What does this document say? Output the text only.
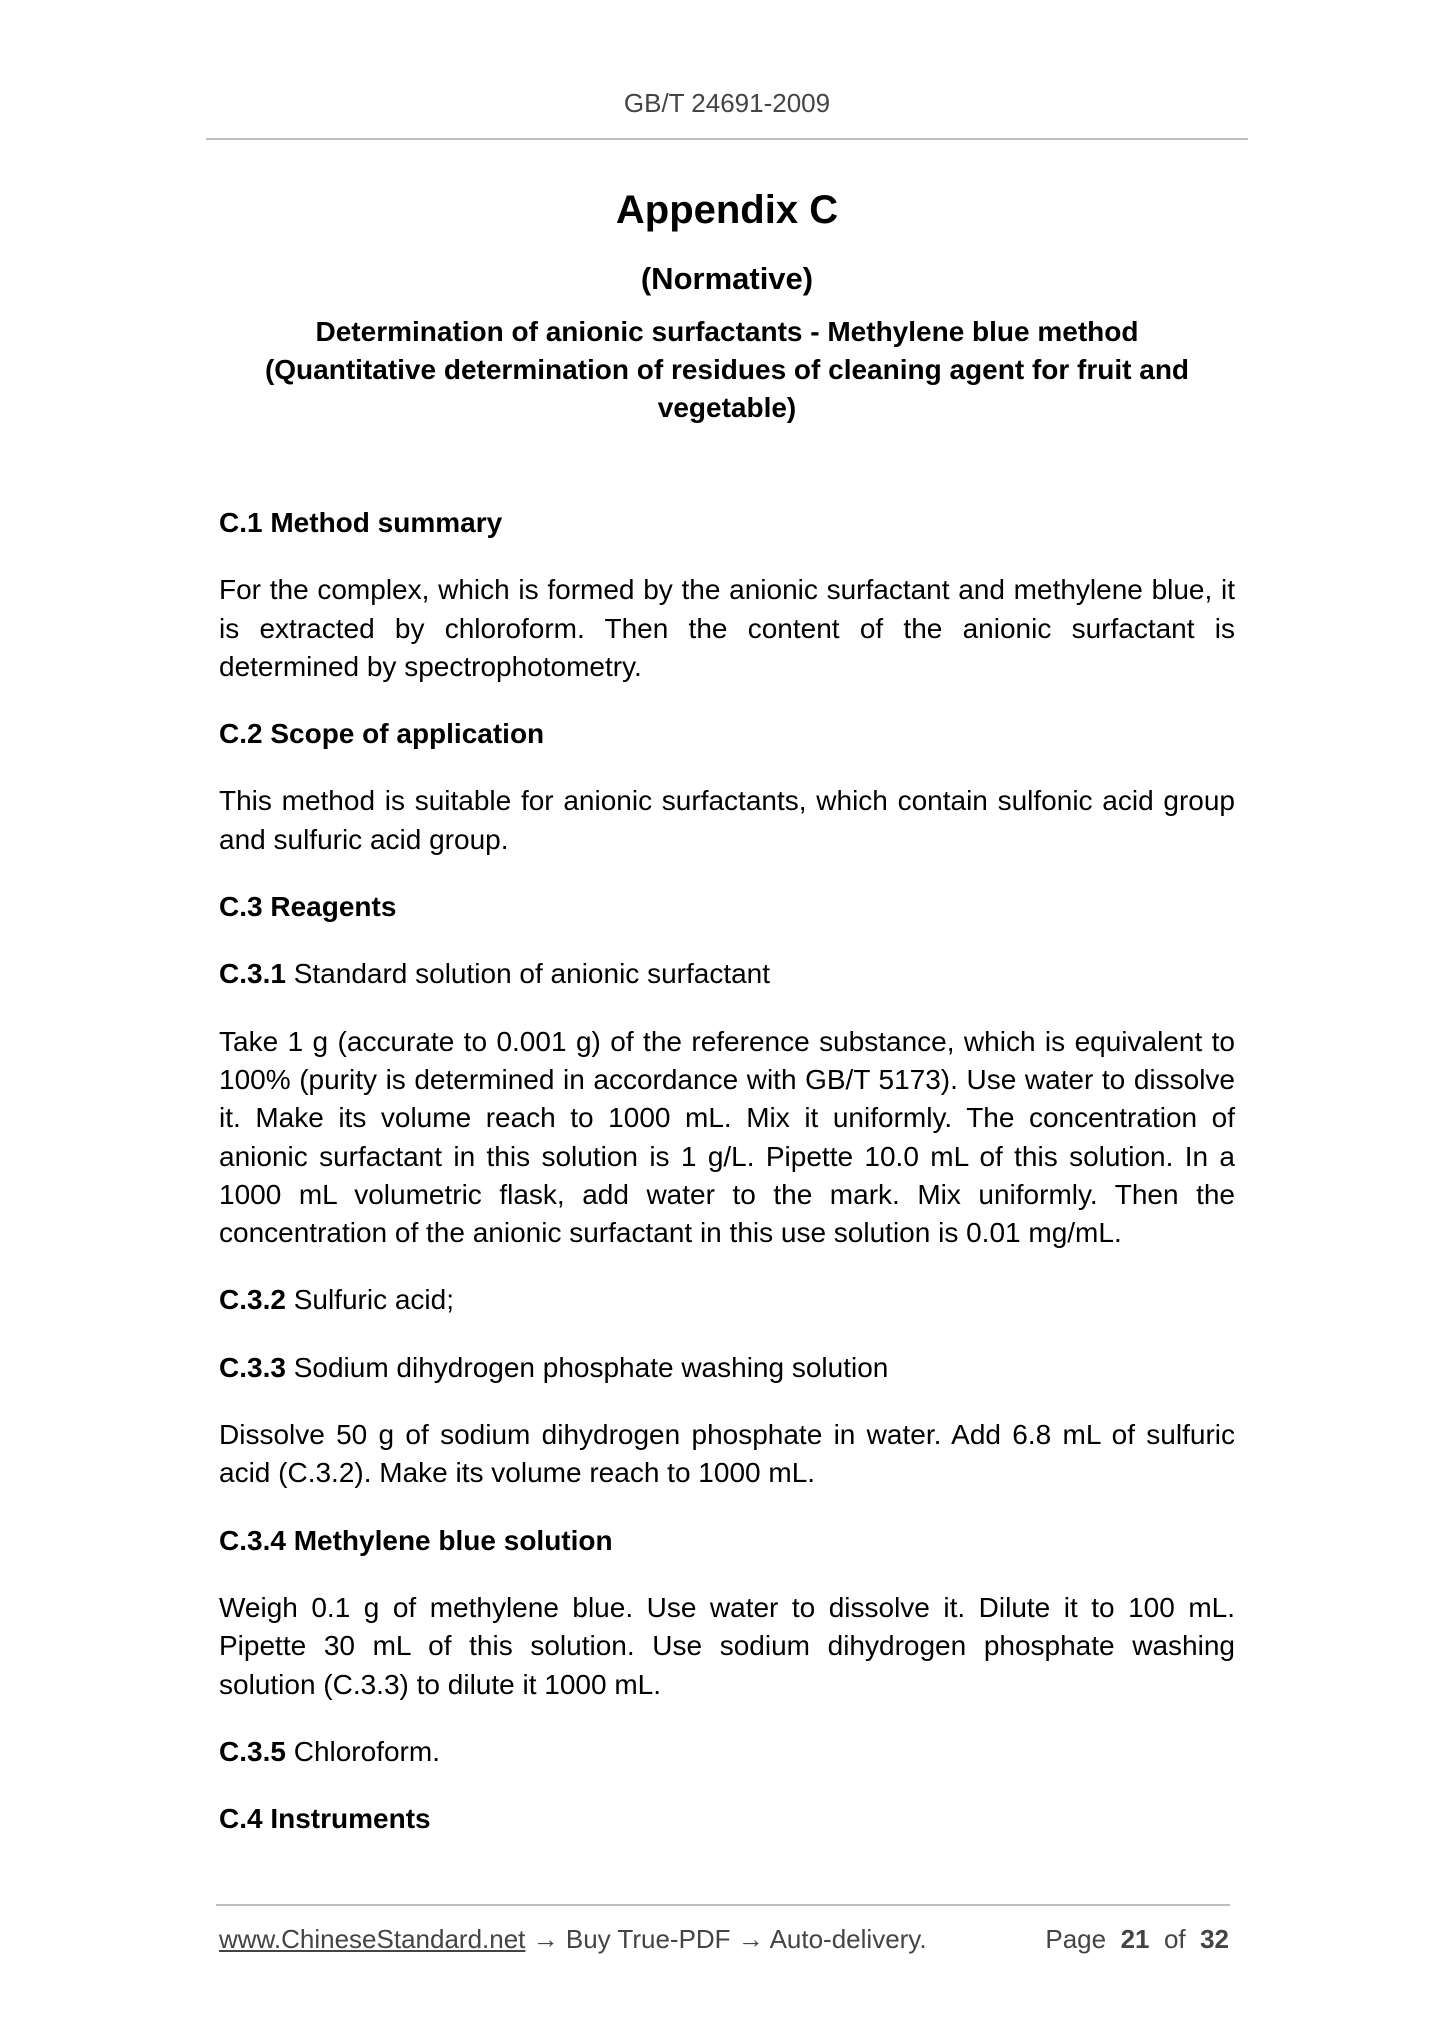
GB/T 24691-2009
Appendix C
(Normative)
Determination of anionic surfactants - Methylene blue method
(Quantitative determination of residues of cleaning agent for fruit and vegetable)

C.1 Method summary

For the complex, which is formed by the anionic surfactant and methylene blue, it is extracted by chloroform. Then the content of the anionic surfactant is determined by spectrophotometry.

C.2 Scope of application

This method is suitable for anionic surfactants, which contain sulfonic acid group and sulfuric acid group.

C.3 Reagents

C.3.1 Standard solution of anionic surfactant

Take 1 g (accurate to 0.001 g) of the reference substance, which is equivalent to 100% (purity is determined in accordance with GB/T 5173). Use water to dissolve it. Make its volume reach to 1000 mL. Mix it uniformly. The concentration of anionic surfactant in this solution is 1 g/L. Pipette 10.0 mL of this solution. In a 1000 mL volumetric flask, add water to the mark. Mix uniformly. Then the concentration of the anionic surfactant in this use solution is 0.01 mg/mL.

C.3.2 Sulfuric acid;

C.3.3 Sodium dihydrogen phosphate washing solution

Dissolve 50 g of sodium dihydrogen phosphate in water. Add 6.8 mL of sulfuric acid (C.3.2). Make its volume reach to 1000 mL.

C.3.4 Methylene blue solution

Weigh 0.1 g of methylene blue. Use water to dissolve it. Dilute it to 100 mL. Pipette 30 mL of this solution. Use sodium dihydrogen phosphate washing solution (C.3.3) to dilute it 1000 mL.

C.3.5 Chloroform.

C.4 Instruments

www.ChineseStandard.net → Buy True-PDF → Auto-delivery.	Page 21 of 32
